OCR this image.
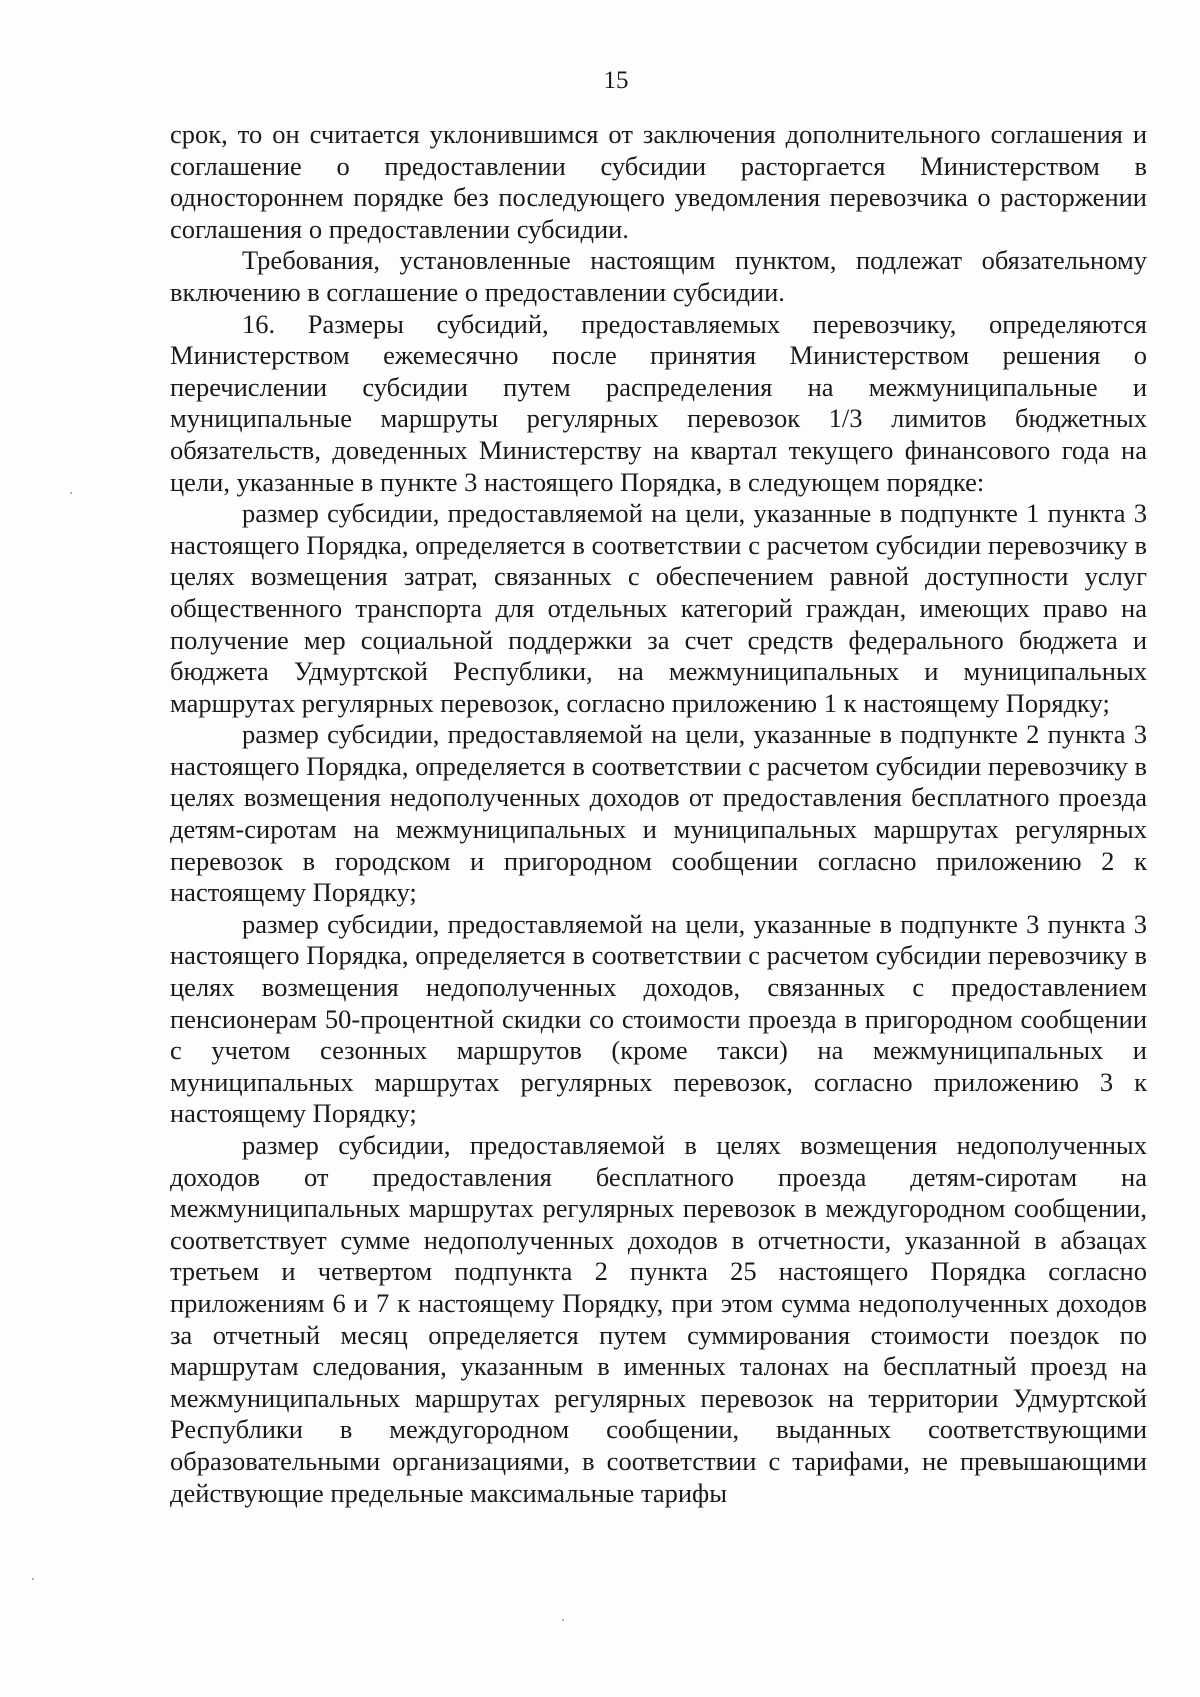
15

срок, то он считается уклонившимся от заключения дополнительного соглашения и соглашение о предоставлении субсидии расторгается Министерством в одностороннем порядке без последующего уведомления перевозчика о расторжении соглашения о предоставлении субсидии.

Требования, установленные настоящим пунктом, подлежат обязательному включению в соглашение о предоставлении субсидии.

16. Размеры субсидий, предоставляемых перевозчику, определяются Министерством ежемесячно после принятия Министерством решения о перечислении субсидии путем распределения на межмуниципальные и муниципальные маршруты регулярных перевозок 1/3 лимитов бюджетных обязательств, доведенных Министерству на квартал текущего финансового года на цели, указанные в пункте 3 настоящего Порядка, в следующем порядке:

размер субсидии, предоставляемой на цели, указанные в подпункте 1 пункта 3 настоящего Порядка, определяется в соответствии с расчетом субсидии перевозчику в целях возмещения затрат, связанных с обеспечением равной доступности услуг общественного транспорта для отдельных категорий граждан, имеющих право на получение мер социальной поддержки за счет средств федерального бюджета и бюджета Удмуртской Республики, на межмуниципальных и муниципальных маршрутах регулярных перевозок, согласно приложению 1 к настоящему Порядку;

размер субсидии, предоставляемой на цели, указанные в подпункте 2 пункта 3 настоящего Порядка, определяется в соответствии с расчетом субсидии перевозчику в целях возмещения недополученных доходов от предоставления бесплатного проезда детям-сиротам на межмуниципальных и муниципальных маршрутах регулярных перевозок в городском и пригородном сообщении согласно приложению 2 к настоящему Порядку;

размер субсидии, предоставляемой на цели, указанные в подпункте 3 пункта 3 настоящего Порядка, определяется в соответствии с расчетом субсидии перевозчику в целях возмещения недополученных доходов, связанных с предоставлением пенсионерам 50-процентной скидки со стоимости проезда в пригородном сообщении с учетом сезонных маршрутов (кроме такси) на межмуниципальных и муниципальных маршрутах регулярных перевозок, согласно приложению 3 к настоящему Порядку;

размер субсидии, предоставляемой в целях возмещения недополученных доходов от предоставления бесплатного проезда детям-сиротам на межмуниципальных маршрутах регулярных перевозок в междугородном сообщении, соответствует сумме недополученных доходов в отчетности, указанной в абзацах третьем и четвертом подпункта 2 пункта 25 настоящего Порядка согласно приложениям 6 и 7 к настоящему Порядку, при этом сумма недополученных доходов за отчетный месяц определяется путем суммирования стоимости поездок по маршрутам следования, указанным в именных талонах на бесплатный проезд на межмуниципальных маршрутах регулярных перевозок на территории Удмуртской Республики в междугородном сообщении, выданных соответствующими образовательными организациями, в соответствии с тарифами, не превышающими действующие предельные максимальные тарифы
